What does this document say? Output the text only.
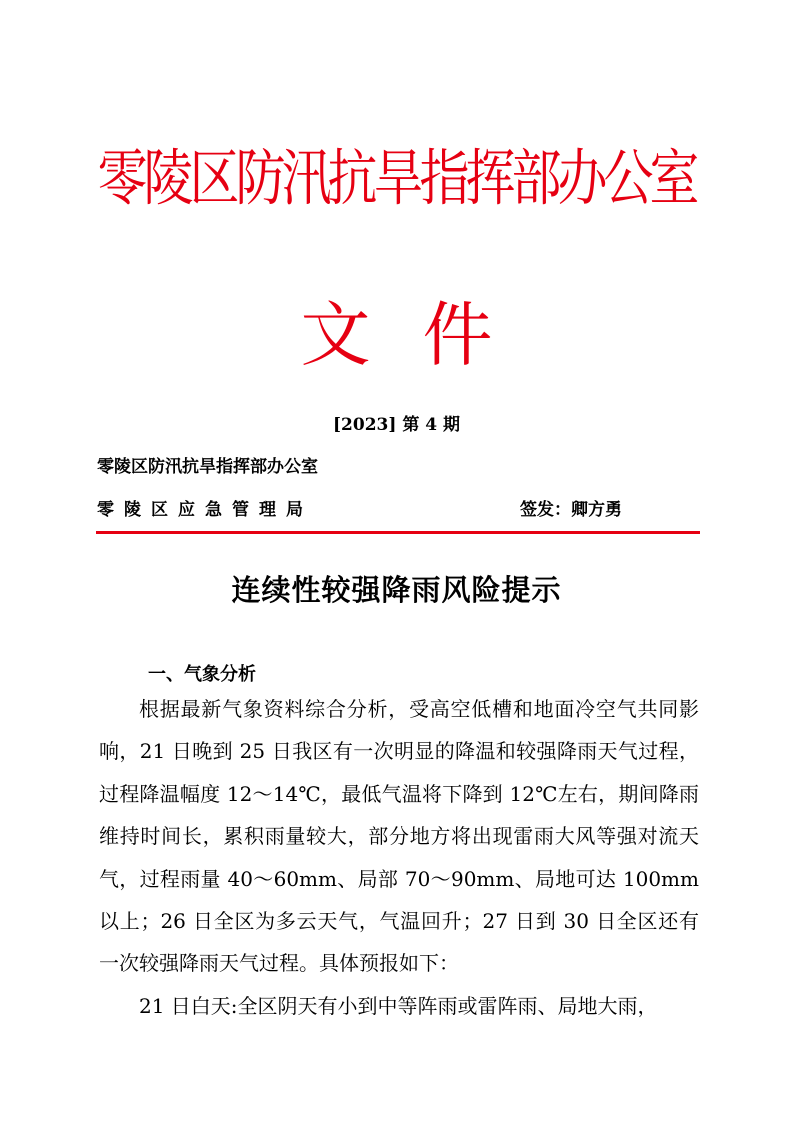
零陵区防汛抗旱指挥部办公室
文件
[2023] 第 4 期
零陵区防汛抗旱指挥部办公室
零陵区应急管理局	签发：卿方勇
连续性较强降雨风险提示
一、气象分析

根据最新气象资料综合分析，受高空低槽和地面冷空气共同影响，21 日晚到 25 日我区有一次明显的降温和较强降雨天气过程，过程降温幅度 12～14℃，最低气温将下降到 12℃左右，期间降雨维持时间长，累积雨量较大，部分地方将出现雷雨大风等强对流天气，过程雨量 40～60mm、局部 70～90mm、局地可达 100mm 以上；26 日全区为多云天气，气温回升；27 日到 30 日全区还有一次较强降雨天气过程。具体预报如下：

21 日白天:全区阴天有小到中等阵雨或雷阵雨、局地大雨，
